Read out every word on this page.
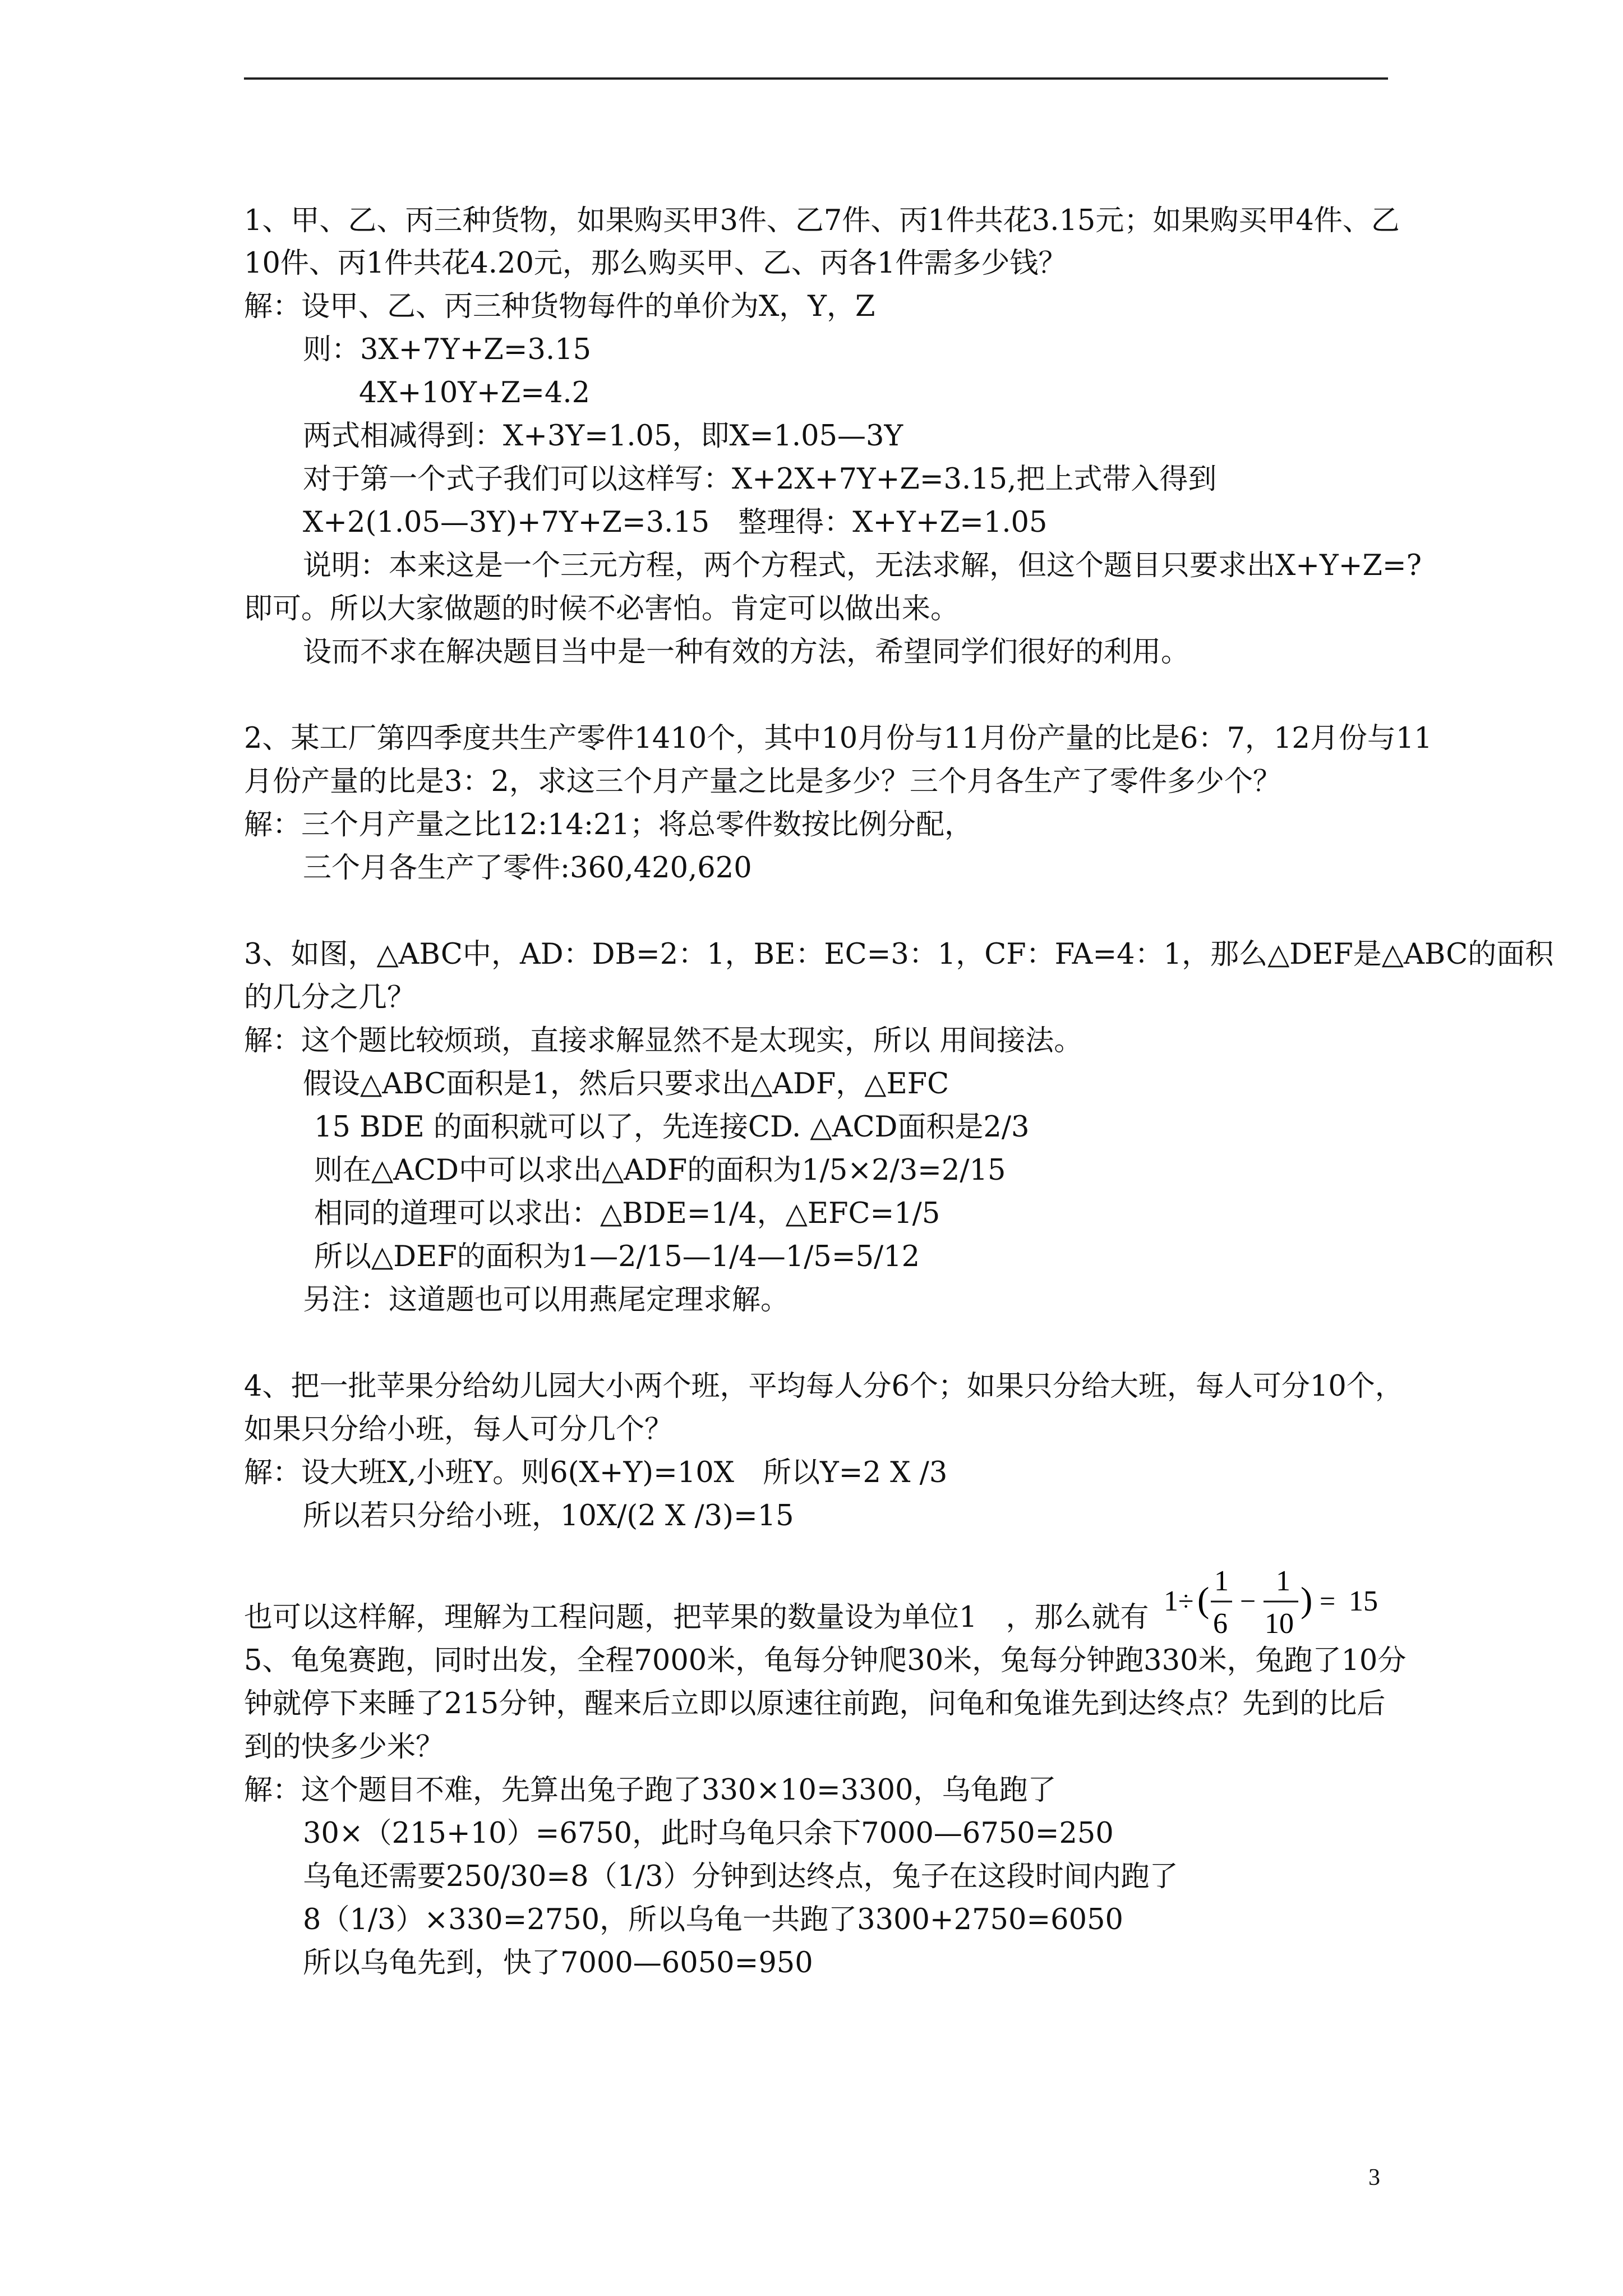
1、甲、乙、丙三种货物，如果购买甲3件、乙7件、丙1件共花3.15元；如果购买甲4件、乙
10件、丙1件共花4.20元，那么购买甲、乙、丙各1件需多少钱？
解：设甲、乙、丙三种货物每件的单价为X，Y，Z
则：3X+7Y+Z=3.15
4X+10Y+Z=4.2
两式相减得到：X+3Y=1.05，即X=1.05—3Y
对于第一个式子我们可以这样写：X+2X+7Y+Z=3.15,把上式带入得到
X+2(1.05—3Y)+7Y+Z=3.15　整理得：X+Y+Z=1.05
说明：本来这是一个三元方程，两个方程式，无法求解，但这个题目只要求出X+Y+Z=?
即可。所以大家做题的时候不必害怕。肯定可以做出来。
设而不求在解决题目当中是一种有效的方法，希望同学们很好的利用。
2、某工厂第四季度共生产零件1410个，其中10月份与11月份产量的比是6：7，12月份与11
月份产量的比是3：2，求这三个月产量之比是多少？三个月各生产了零件多少个？
解：三个月产量之比12:14:21；将总零件数按比例分配，
三个月各生产了零件:360,420,620
3、如图，△ABC中，AD：DB=2：1，BE：EC=3：1，CF：FA=4：1，那么△DEF是△ABC的面积
的几分之几？
解：这个题比较烦琐，直接求解显然不是太现实，所以 用间接法。
假设△ABC面积是1，然后只要求出△ADF，△EFC
15 BDE 的面积就可以了，先连接CD. △ACD面积是2/3
则在△ACD中可以求出△ADF的面积为1/5×2/3=2/15
相同的道理可以求出：△BDE=1/4，△EFC=1/5
所以△DEF的面积为1—2/15—1/4—1/5=5/12
另注：这道题也可以用燕尾定理求解。
4、把一批苹果分给幼儿园大小两个班，平均每人分6个；如果只分给大班，每人可分10个，
如果只分给小班，每人可分几个？
解：设大班X,小班Y。则6(X+Y)=10X　所以Y=2 X /3
所以若只分给小班，10X/(2 X /3)=15
也可以这样解，理解为工程问题，把苹果的数量设为单位1　，那么就有 1 ÷ ( 1
6
−
1
10
) = 15
5、龟兔赛跑，同时出发，全程7000米，龟每分钟爬30米，兔每分钟跑330米，兔跑了10分
钟就停下来睡了215分钟，醒来后立即以原速往前跑，问龟和兔谁先到达终点？先到的比后
到的快多少米？
解：这个题目不难，先算出兔子跑了330×10=3300，乌龟跑了
30×（215+10）=6750，此时乌龟只余下7000—6750=250
乌龟还需要250/30=8（1/3）分钟到达终点，兔子在这段时间内跑了
8（1/3）×330=2750，所以乌龟一共跑了3300+2750=6050
所以乌龟先到，快了7000—6050=950
3
